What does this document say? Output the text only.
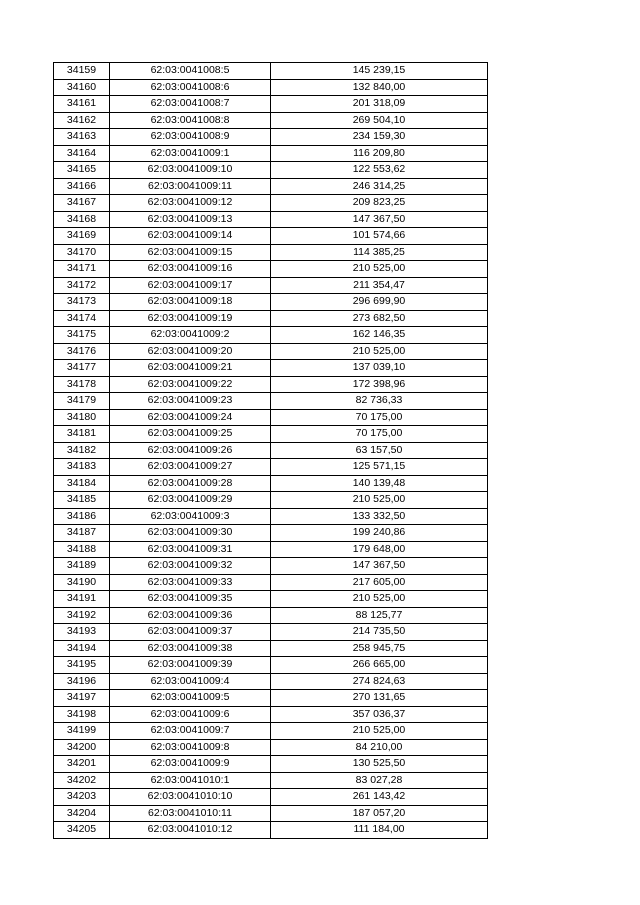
34159	62:03:0041008:5	145 239,15
34160	62:03:0041008:6	132 840,00
34161	62:03:0041008:7	201 318,09
34162	62:03:0041008:8	269 504,10
34163	62:03:0041008:9	234 159,30
34164	62:03:0041009:1	116 209,80
34165	62:03:0041009:10	122 553,62
34166	62:03:0041009:11	246 314,25
34167	62:03:0041009:12	209 823,25
34168	62:03:0041009:13	147 367,50
34169	62:03:0041009:14	101 574,66
34170	62:03:0041009:15	114 385,25
34171	62:03:0041009:16	210 525,00
34172	62:03:0041009:17	211 354,47
34173	62:03:0041009:18	296 699,90
34174	62:03:0041009:19	273 682,50
34175	62:03:0041009:2	162 146,35
34176	62:03:0041009:20	210 525,00
34177	62:03:0041009:21	137 039,10
34178	62:03:0041009:22	172 398,96
34179	62:03:0041009:23	82 736,33
34180	62:03:0041009:24	70 175,00
34181	62:03:0041009:25	70 175,00
34182	62:03:0041009:26	63 157,50
34183	62:03:0041009:27	125 571,15
34184	62:03:0041009:28	140 139,48
34185	62:03:0041009:29	210 525,00
34186	62:03:0041009:3	133 332,50
34187	62:03:0041009:30	199 240,86
34188	62:03:0041009:31	179 648,00
34189	62:03:0041009:32	147 367,50
34190	62:03:0041009:33	217 605,00
34191	62:03:0041009:35	210 525,00
34192	62:03:0041009:36	88 125,77
34193	62:03:0041009:37	214 735,50
34194	62:03:0041009:38	258 945,75
34195	62:03:0041009:39	266 665,00
34196	62:03:0041009:4	274 824,63
34197	62:03:0041009:5	270 131,65
34198	62:03:0041009:6	357 036,37
34199	62:03:0041009:7	210 525,00
34200	62:03:0041009:8	84 210,00
34201	62:03:0041009:9	130 525,50
34202	62:03:0041010:1	83 027,28
34203	62:03:0041010:10	261 143,42
34204	62:03:0041010:11	187 057,20
34205	62:03:0041010:12	111 184,00
